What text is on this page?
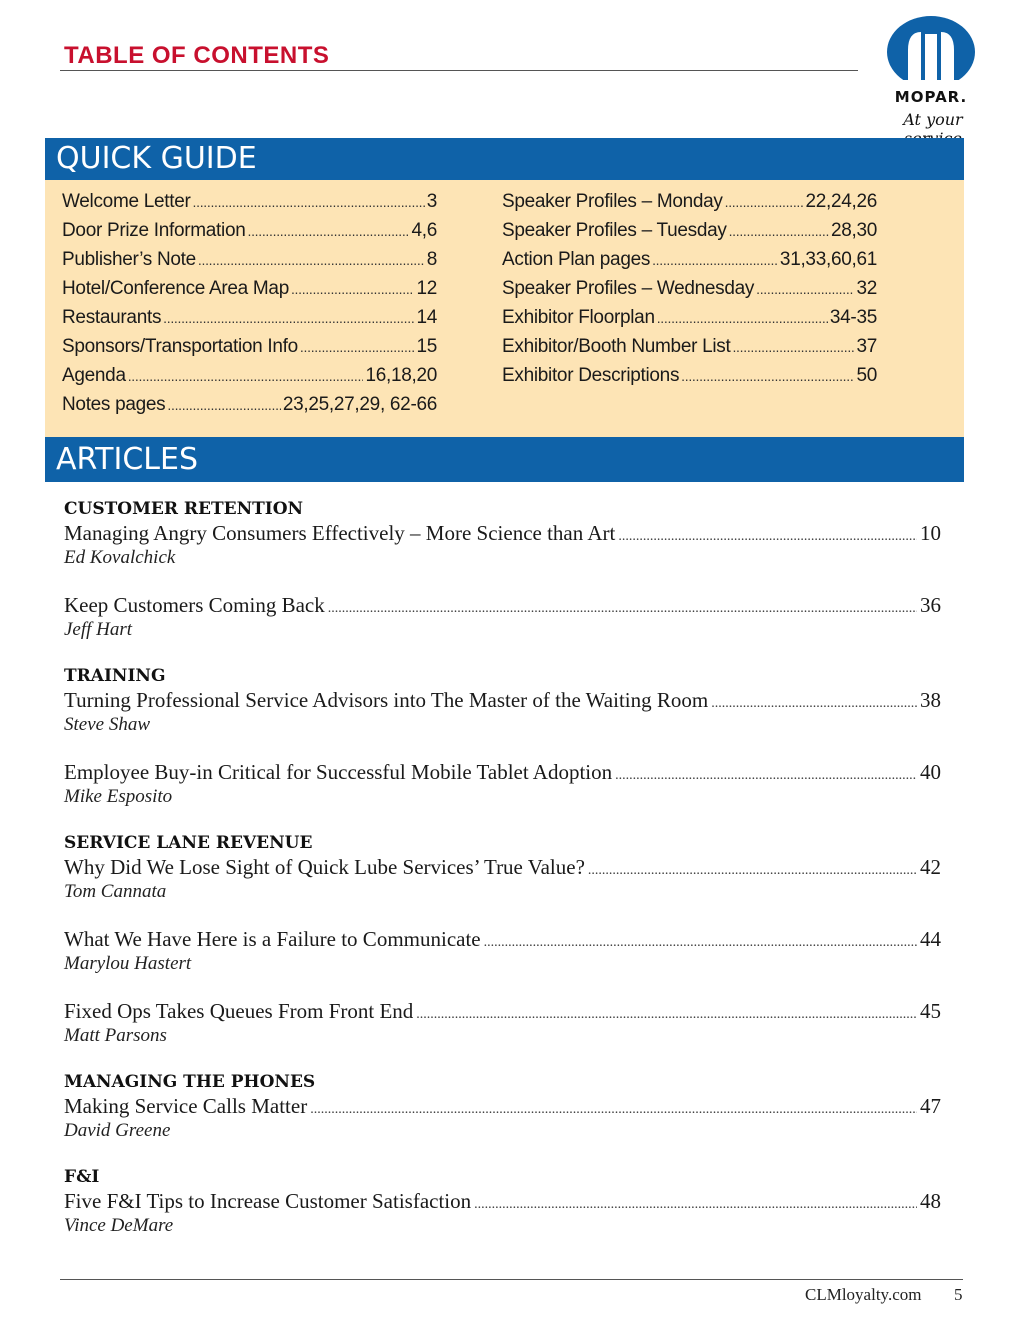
TABLE OF CONTENTS
MOPAR.
At your
QUICK GUIDE
Welcome Letter .....	3
Door Prize Information .....	4,6
Publisher’s Note .....	8
Hotel/Conference Area Map .....	12
Restaurants .....	14
Sponsors/Transportation Info .....	15
Agenda .....	16,18,20
Notes pages .....	23,25,27,29, 62-66
Speaker Profiles – Monday .....	22,24,26
Speaker Profiles – Tuesday .....	28,30
Action Plan pages .....	31,33,60,61
Speaker Profiles – Wednesday .....	32
Exhibitor Floorplan .....	34-35
Exhibitor/Booth Number List .....	37
Exhibitor Descriptions .....	50
ARTICLES
CUSTOMER RETENTION
Managing Angry Consumers Effectively – More Science than Art .....	10
Ed Kovalchick
Keep Customers Coming Back .....	36
Jeff Hart
TRAINING
Turning Professional Service Advisors into The Master of the Waiting Room .....	38
Steve Shaw
Employee Buy-in Critical for Successful Mobile Tablet Adoption .....	40
Mike Esposito
SERVICE LANE REVENUE
Why Did We Lose Sight of Quick Lube Services’ True Value? .....	42
Tom Cannata
What We Have Here is a Failure to Communicate .....	44
Marylou Hastert
Fixed Ops Takes Queues From Front End .....	45
Matt Parsons
MANAGING THE PHONES
Making Service Calls Matter .....	47
David Greene
F&I
Five F&I Tips to Increase Customer Satisfaction .....	48
Vince DeMare
CLMloyalty.com 5
